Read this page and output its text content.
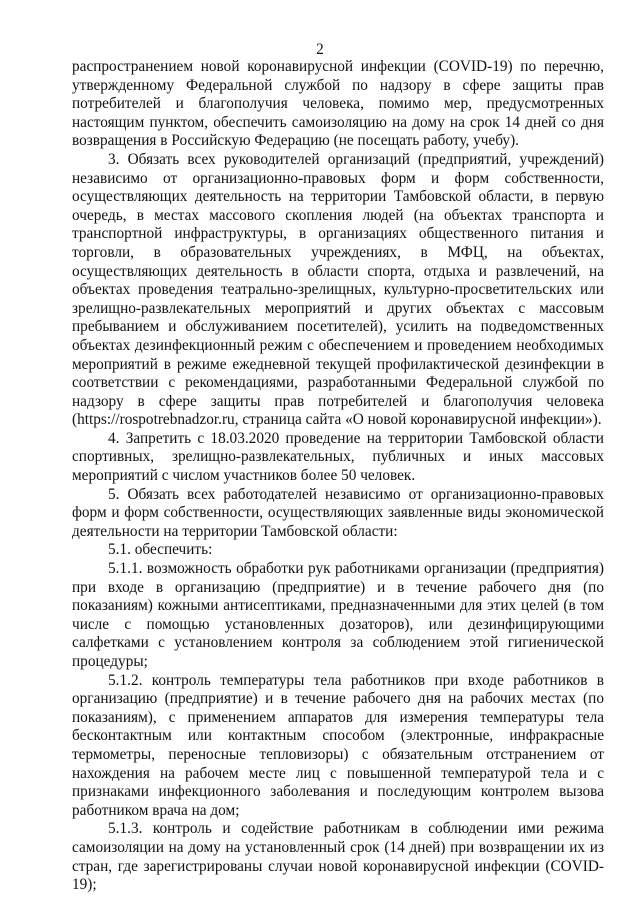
2

распространением новой коронавирусной инфекции (COVID-19) по перечню, утвержденному Федеральной службой по надзору в сфере защиты прав потребителей и благополучия человека, помимо мер, предусмотренных настоящим пунктом, обеспечить самоизоляцию на дому на срок 14 дней со дня возвращения в Российскую Федерацию (не посещать работу, учебу).

3. Обязать всех руководителей организаций (предприятий, учреждений) независимо от организационно-правовых форм и форм собственности, осуществляющих деятельность на территории Тамбовской области, в первую очередь, в местах массового скопления людей (на объектах транспорта и транспортной инфраструктуры, в организациях общественного питания и торговли, в образовательных учреждениях, в МФЦ, на объектах, осуществляющих деятельность в области спорта, отдыха и развлечений, на объектах проведения театрально-зрелищных, культурно-просветительских или зрелищно-развлекательных мероприятий и других объектах с массовым пребыванием и обслуживанием посетителей), усилить на подведомственных объектах дезинфекционный режим с обеспечением и проведением необходимых мероприятий в режиме ежедневной текущей профилактической дезинфекции в соответствии с рекомендациями, разработанными Федеральной службой по надзору в сфере защиты прав потребителей и благополучия человека (https://rospotrebnadzor.ru, страница сайта «О новой коронавирусной инфекции»).

4. Запретить с 18.03.2020 проведение на территории Тамбовской области спортивных, зрелищно-развлекательных, публичных и иных массовых мероприятий с числом участников более 50 человек.

5. Обязать всех работодателей независимо от организационно-правовых форм и форм собственности, осуществляющих заявленные виды экономической деятельности на территории Тамбовской области:

5.1. обеспечить:

5.1.1. возможность обработки рук работниками организации (предприятия) при входе в организацию (предприятие) и в течение рабочего дня (по показаниям) кожными антисептиками, предназначенными для этих целей (в том числе с помощью установленных дозаторов), или дезинфицирующими салфетками с установлением контроля за соблюдением этой гигиенической процедуры;

5.1.2. контроль температуры тела работников при входе работников в организацию (предприятие) и в течение рабочего дня на рабочих местах (по показаниям), с применением аппаратов для измерения температуры тела бесконтактным или контактным способом (электронные, инфракрасные термометры, переносные тепловизоры) с обязательным отстранением от нахождения на рабочем месте лиц с повышенной температурой тела и с признаками инфекционного заболевания и последующим контролем вызова работником врача на дом;

5.1.3. контроль и содействие работникам в соблюдении ими режима самоизоляции на дому на установленный срок (14 дней) при возвращении их из стран, где зарегистрированы случаи новой коронавирусной инфекции (COVID-19);
